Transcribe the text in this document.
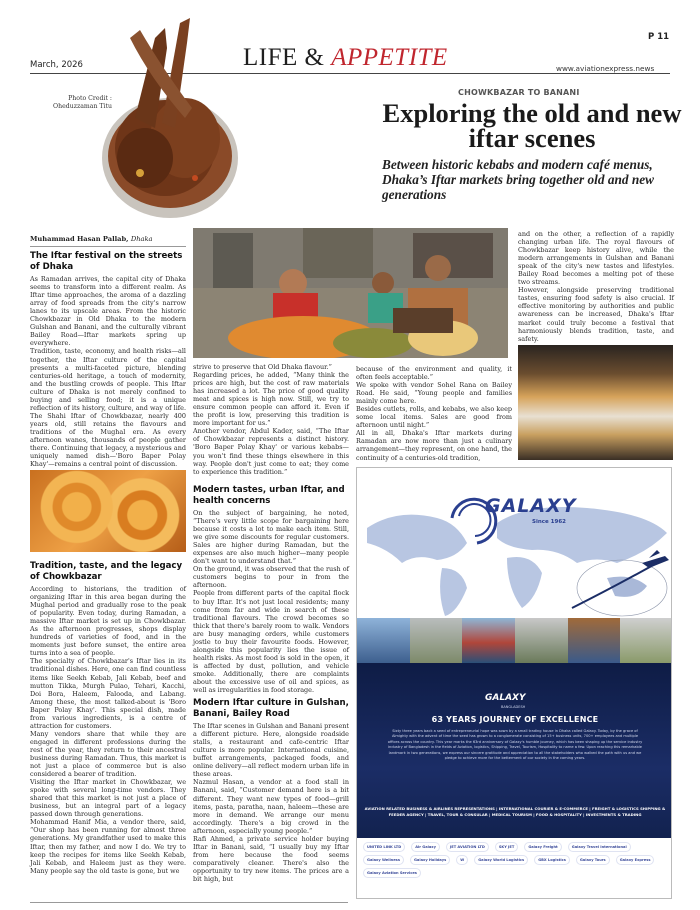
March, 2026
P 11
www.aviationexpress.news
LIFE & APPETITE
Photo Credit :
Oheduzzaman Titu
CHOWKBAZAR TO BANANI
Exploring the old and new iftar scenes
Between historic kebabs and modern café menus, Dhaka’s Iftar markets bring together old and new generations
Muhammad Hasan Pallab, Dhaka
The Iftar festival on the streets of Dhaka

As Ramadan arrives, the capital city of Dhaka seems to transform into a different realm. As Iftar time approaches, the aroma of a dazzling array of food spreads from the city's narrow lanes to its upscale areas. From the historic Chowkbazar in Old Dhaka to the modern Gulshan and Banani, and the culturally vibrant Bailey Road—Iftar markets spring up everywhere.

Tradition, taste, economy, and health risks—all together, the Iftar culture of the capital presents a multi-faceted picture, blending centuries-old heritage, a touch of modernity, and the bustling crowds of people. This Iftar culture of Dhaka is not merely confined to buying and selling food; it is a unique reflection of its history, culture, and way of life. The Shahi Iftar of Chowkbazar, nearly 400 years old, still retains the flavours and traditions of the Mughal era. As every afternoon wanes, thousands of people gather there. Continuing that legacy, a mysterious and uniquely named dish—'Boro Baper Polay Khay'—remains a central point of discussion.

Tradition, taste, and the legacy of Chowkbazar

According to historians, the tradition of organizing Iftar in this area began during the Mughal period and gradually rose to the peak of popularity. Even today, during Ramadan, a massive Iftar market is set up in Chowkbazar. As the afternoon progresses, shops display hundreds of varieties of food, and in the moments just before sunset, the entire area turns into a sea of people.

The specialty of Chowkbazar's Iftar lies in its traditional dishes. Here, one can find countless items like Seekh Kebab, Jali Kebab, beef and mutton Tikka, Murgh Pulao, Tehari, Kacchi, Doi Bora, Haleem, Falooda, and Labang. Among these, the most talked-about is 'Boro Baper Polay Khay'. This special dish, made from various ingredients, is a centre of attraction for customers.

Many vendors share that while they are engaged in different professions during the rest of the year, they return to their ancestral business during Ramadan. Thus, this market is not just a place of commerce but is also considered a bearer of tradition.

Visiting the Iftar market in Chowkbazar, we spoke with several long-time vendors. They shared that this market is not just a place of business, but an integral part of a legacy passed down through generations.

Mohammad Hanif Mia, a vendor there, said, “Our shop has been running for almost three generations. My grandfather used to make this Iftar, then my father, and now I do. We try to keep the recipes for items like Seekh Kebab, Jali Kebab, and Haleem just as they were. Many people say the old taste is gone, but we

strive to preserve that Old Dhaka flavour.”

Regarding prices, he added, “Many think the prices are high, but the cost of raw materials has increased a lot. The price of good quality meat and spices is high now. Still, we try to ensure common people can afford it. Even if the profit is low, preserving this tradition is more important for us.”

Another vendor, Abdul Kader, said, “The Iftar of Chowkbazar represents a distinct history. 'Boro Baper Polay Khay' or various kebabs—you won't find these things elsewhere in this way. People don't just come to eat; they come to experience this tradition.”

Modern tastes, urban Iftar, and health concerns

On the subject of bargaining, he noted, “There's very little scope for bargaining here because it costs a lot to make each item. Still, we give some discounts for regular customers. Sales are higher during Ramadan, but the expenses are also much higher—many people don't want to understand that.”

On the ground, it was observed that the rush of customers begins to pour in from the afternoon.

People from different parts of the capital flock to buy Iftar. It's not just local residents; many come from far and wide in search of these traditional flavours. The crowd becomes so thick that there's barely room to walk. Vendors are busy managing orders, while customers jostle to buy their favourite foods. However, alongside this popularity lies the issue of health risks. As most food is sold in the open, it is affected by dust, pollution, and vehicle smoke. Additionally, there are complaints about the excessive use of oil and spices, as well as irregularities in food storage.

Modern Iftar culture in Gulshan, Banani, Bailey Road

The Iftar scenes in Gulshan and Banani present a different picture. Here, alongside roadside stalls, a restaurant and cafe-centric Iftar culture is more popular. International cuisine, buffet arrangements, packaged foods, and online delivery—all reflect modern urban life in these areas.

Nazmul Hasan, a vendor at a food stall in Banani, said, “Customer demand here is a bit different. They want new types of food—grill items, pasta, paratha, naan, haleem—these are more in demand. We arrange our menu accordingly. There's a big crowd in the afternoon, especially young people.”

Rafi Ahmed, a private service holder buying Iftar in Banani, said, “I usually buy my Iftar from here because the food seems comparatively cleaner. There's also the opportunity to try new items. The prices are a bit high, but

because of the environment and quality, it often feels acceptable.”

We spoke with vendor Sohel Rana on Bailey Road. He said, “Young people and families mainly come here.

Besides cutlets, rolls, and kebabs, we also keep some local items. Sales are good from afternoon until night.”

All in all, Dhaka's Iftar markets during Ramadan are now more than just a culinary arrangement—they represent, on one hand, the continuity of a centuries-old tradition,

and on the other, a reflection of a rapidly changing urban life. The royal flavours of Chowkbazar keep history alive, while the modern arrangements in Gulshan and Banani speak of the city's new tastes and lifestyles. Bailey Road becomes a melting pot of these two streams.

However, alongside preserving traditional tastes, ensuring food safety is also crucial. If effective monitoring by authorities and public awareness can be increased, Dhaka's Iftar market could truly become a festival that harmoniously blends tradition, taste, and safety.

GALAXY
Since 1962
GALAXY
BANGLADESH
63 YEARS JOURNEY OF EXCELLENCE
Sixty three years back a seed of entrepreneurial hope was sown by a small trading house in Dhaka called Galaxy. Today, by the grace of Almighty with the advent of time the seed has grown to a conglomerate consisting of 15+ business units, 700+ employees and multiple offices across the country. This year marks the 63rd anniversary of Galaxy's humble journey, which has been shaping up the service industry industry of Bangladesh in the fields of Aviation, logistics, Shipping, Travel, Tourism, Hospitality to name a few. Upon reaching this remarkable landmark in two generations, we express our sincere gratitude and appreciation to all the stakeholders who walked the path with us and we pledge to achieve more for the betterment of our society in the coming years.
AVIATION RELATED BUSINESS & AIRLINES REPRESENTATIONS | INTERNATIONAL COURIER & E-COMMERCE | FREIGHT & LOGISTICS SHIPPING & FEEDER AGENCY | TRAVEL, TOUR & CONSULAR | MEDICAL TOURISM | FOOD & HOSPITALITY | INVESTMENTS & TRADING
UNITED LINK LTD	Air Galaxy	JET AVIATION LTD	SKY JET	Galaxy Freight	Galaxy Travel International
Galaxy Wellness	Galaxy Holidays	W	Galaxy World Logistics	GBX Logistics	Galaxy Tours	Galaxy Express
Galaxy Aviation Services
